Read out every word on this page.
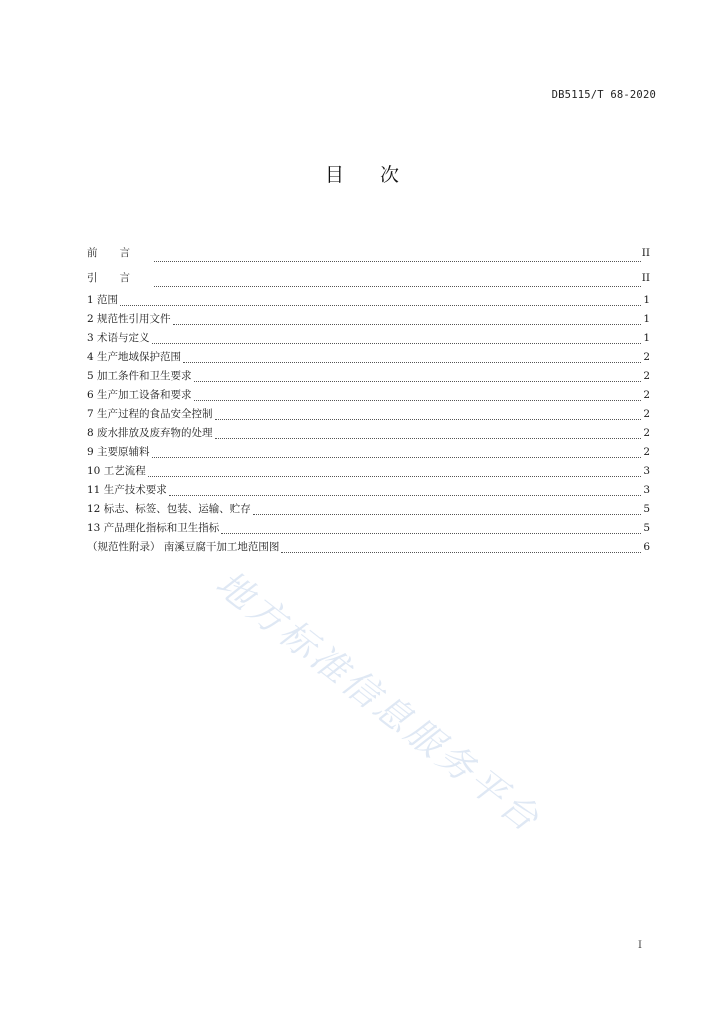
DB5115/T 68-2020
目次
前言	II
引言	II
1 范围	1
2 规范性引用文件	1
3 术语与定义	1
4 生产地域保护范围	2
5 加工条件和卫生要求	2
6 生产加工设备和要求	2
7 生产过程的食品安全控制	2
8 废水排放及废弃物的处理	2
9 主要原辅料	2
10 工艺流程	3
11 生产技术要求	3
12 标志、标签、包装、运输、贮存	5
13 产品理化指标和卫生指标	5
（规范性附录） 南溪豆腐干加工地范围图	6
地方标准信息服务平台
I
